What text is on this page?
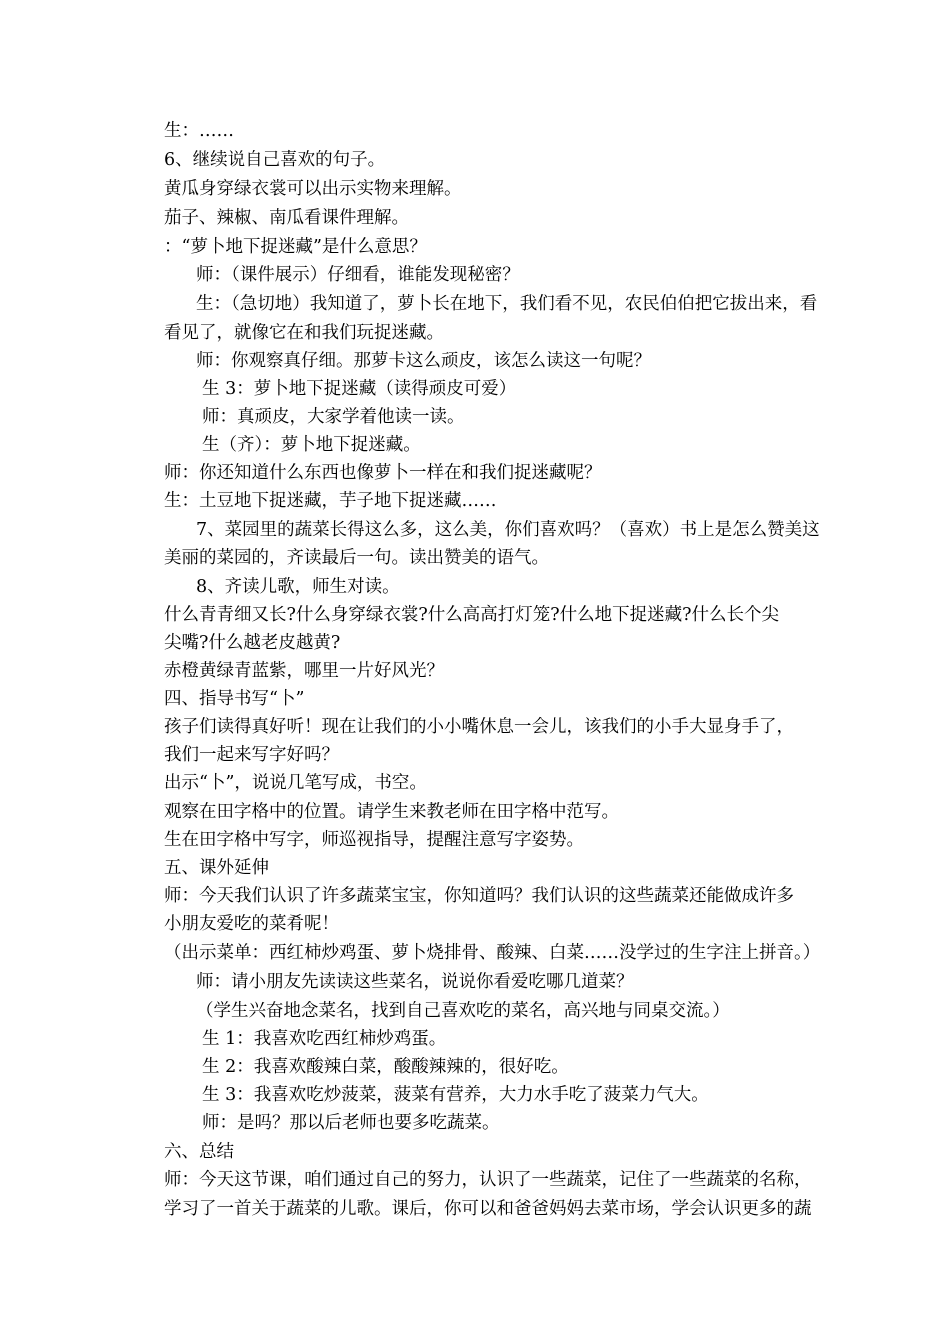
生：……
6、继续说自己喜欢的句子。
黄瓜身穿绿衣裳可以出示实物来理解。
茄子、辣椒、南瓜看课件理解。
：“萝卜地下捉迷藏”是什么意思？
师：（课件展示）仔细看，谁能发现秘密？
生：（急切地）我知道了，萝卜长在地下，我们看不见，农民伯伯把它拔出来，看
看见了，就像它在和我们玩捉迷藏。
师：你观察真仔细。那萝卡这么顽皮，该怎么读这一句呢？
生 3：萝卜地下捉迷藏（读得顽皮可爱）
师：真顽皮，大家学着他读一读。
生（齐）：萝卜地下捉迷藏。
师：你还知道什么东西也像萝卜一样在和我们捉迷藏呢？
生：土豆地下捉迷藏，芋子地下捉迷藏……
7、菜园里的蔬菜长得这么多，这么美，你们喜欢吗？（喜欢）书上是怎么赞美这
美丽的菜园的，齐读最后一句。读出赞美的语气。
8、齐读儿歌，师生对读。
什么青青细又长?什么身穿绿衣裳?什么高高打灯笼?什么地下捉迷藏?什么长个尖
尖嘴?什么越老皮越黄?
赤橙黄绿青蓝紫，哪里一片好风光？
四、指导书写“卜”
孩子们读得真好听！现在让我们的小小嘴休息一会儿，该我们的小手大显身手了，
我们一起来写字好吗？
出示“卜”，说说几笔写成，书空。
观察在田字格中的位置。请学生来教老师在田字格中范写。
生在田字格中写字，师巡视指导，提醒注意写字姿势。
五、课外延伸
师：今天我们认识了许多蔬菜宝宝，你知道吗？我们认识的这些蔬菜还能做成许多
小朋友爱吃的菜肴呢！
（出示菜单：西红柿炒鸡蛋、萝卜烧排骨、酸辣、白菜……没学过的生字注上拼音。）
师：请小朋友先读读这些菜名，说说你看爱吃哪几道菜？
（学生兴奋地念菜名，找到自己喜欢吃的菜名，高兴地与同桌交流。）
生 1：我喜欢吃西红柿炒鸡蛋。
生 2：我喜欢酸辣白菜，酸酸辣辣的，很好吃。
生 3：我喜欢吃炒菠菜，菠菜有营养，大力水手吃了菠菜力气大。
师：是吗？那以后老师也要多吃蔬菜。
六、总结
师：今天这节课，咱们通过自己的努力，认识了一些蔬菜，记住了一些蔬菜的名称，
学习了一首关于蔬菜的儿歌。课后，你可以和爸爸妈妈去菜市场，学会认识更多的蔬
